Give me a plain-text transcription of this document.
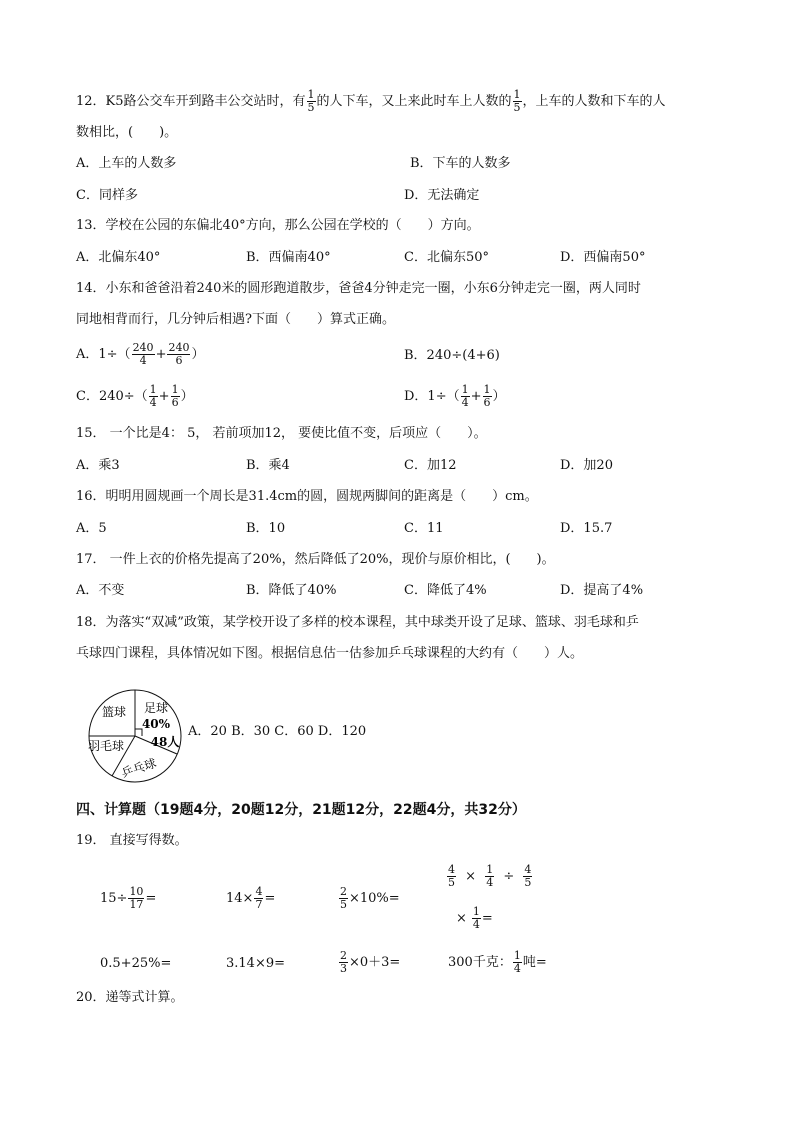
12．K5路公交车开到路丰公交站时，有 $\frac{1}{5}$ 的人下车，又上来此时车上人数的 $\frac{1}{5}$ ，上车的人数和下车的人
数相比，(　　)。
A．上车的人数多	B．下车的人数多
C．同样多	D．无法确定
13．学校在公园的东偏北40°方向，那么公园在学校的（　　）方向。
A．北偏东40°	B．西偏南40°	C．北偏东50°	D．西偏南50°
14．小东和爸爸沿着240米的圆形跑道散步，爸爸4分钟走完一圈，小东6分钟走完一圈，两人同时
同地相背而行，几分钟后相遇?下面（　　）算式正确。
A．$1\div( \frac{240}{4} + \frac{240}{6}$ ）	B．240÷(4+6)
C．$240\div( \frac{1}{4} + \frac{1}{6}$ ）	D．$1\div( \frac{1}{4} + \frac{1}{6}$ ）
15． 一个比是4： 5， 若前项加12， 要使比值不变，后项应（　　）。
A．乘3	B．乘4	C．加12	D．加20
16．明明用圆规画一个周长是31.4cm的圆，圆规两脚间的距离是（　　）cm。
A．5	B．10	C．11	D．15.7
17． 一件上衣的价格先提高了20%，然后降低了20%，现价与原价相比，(　　)。
A．不变	B．降低了40%	C．降低了4%	D．提高了4%
18．为落实“双减”政策，某学校开设了多样的校本课程，其中球类开设了足球、篮球、羽毛球和乒
乓球四门课程，具体情况如下图。根据信息估一估参加乒乓球课程的大约有（　　）人。
篮球 足球
40%
48人
羽毛球
乒乓球
A．20 B．30 C．60 D．120
四、计算题（19题4分，20题12分，21题12分，22题4分，共32分）
19． 直接写得数。
$15\div \frac{10}{17}$ =	$14\times \frac{4}{7}$ =	$\frac{2}{5} \times 10\%=$
$\frac{4}{5} \times \frac{1}{4} \div \frac{4}{5}$
× $\frac{1}{4}$ =
0.5+25%=	3.14×9=	$\frac{2}{3} \times 0+3=$	300千克： $\frac{1}{4}$ 吨=
20．递等式计算。
